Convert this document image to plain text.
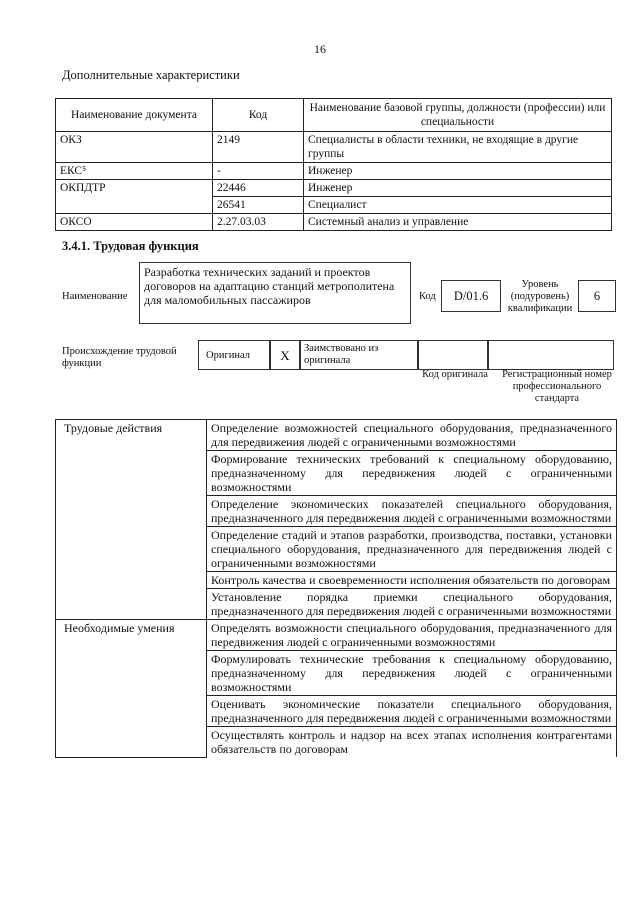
16
Дополнительные характеристики
Наименование документа	Код	Наименование базовой группы, должности (профессии) или специальности
ОКЗ	2149	Специалисты в области техники, не входящие в другие группы
ЕКС⁵	-	Инженер
ОКПДТР	22446	Инженер
	26541	Специалист
ОКСО	2.27.03.03	Системный анализ и управление
3.4.1. Трудовая функция
Наименование
Разработка технических заданий и проектов договоров на адаптацию станций метрополитена для маломобильных пассажиров	Код	D/01.6
Уровень (подуровень) квалификации
6
Происхождение трудовой функции
Оригинал	X	Заимствовано из оригинала
Код оригинала	Регистрационный номер профессионального стандарта
Трудовые действия	Определение возможностей специального оборудования, предназначенного для передвижения людей с ограниченными возможностями
	Формирование технических требований к специальному оборудованию, предназначенному для передвижения людей с ограниченными возможностями
	Определение экономических показателей специального оборудования, предназначенного для передвижения людей с ограниченными возможностями
	Определение стадий и этапов разработки, производства, поставки, установки специального оборудования, предназначенного для передвижения людей с ограниченными возможностями
	Контроль качества и своевременности исполнения обязательств по договорам
	Установление порядка приемки специального оборудования, предназначенного для передвижения людей с ограниченными возможностями
Необходимые умения	Определять возможности специального оборудования, предназначенного для передвижения людей с ограниченными возможностями
	Формулировать технические требования к специальному оборудованию, предназначенному для передвижения людей с ограниченными возможностями
	Оценивать экономические показатели специального оборудования, предназначенного для передвижения людей с ограниченными возможностями
	Осуществлять контроль и надзор на всех этапах исполнения контрагентами обязательств по договорам
